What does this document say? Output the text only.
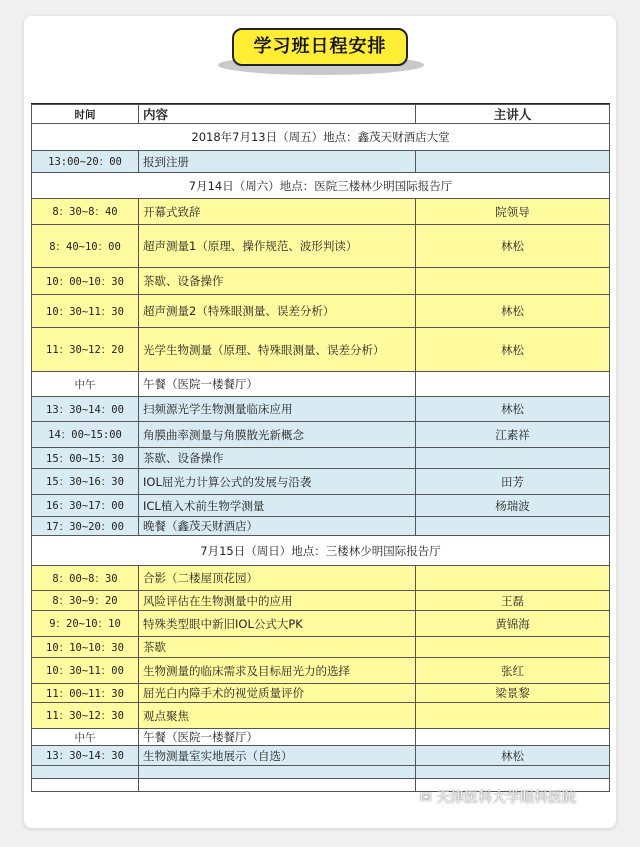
学习班日程安排
时间	内容	主讲人
2018年7月13日（周五）地点：鑫茂天财酒店大堂		
13:00~20：00	报到注册	
7月14日（周六）地点：医院三楼林少明国际报告厅		
8：30~8：40	开幕式致辞	院领导
8：40~10：00	超声测量1（原理、操作规范、波形判读）	林松
10：00~10：30	茶歇、设备操作	
10：30~11：30	超声测量2（特殊眼测量、误差分析）	林松
11：30~12：20	光学生物测量（原理、特殊眼测量、误差分析）	林松
中午	午餐（医院一楼餐厅）	
13：30~14：00	扫频源光学生物测量临床应用	林松
14：00~15:00	角膜曲率测量与角膜散光新概念	江素祥
15：00~15：30	茶歇、设备操作	
15：30~16：30	IOL屈光力计算公式的发展与沿袭	田芳
16：30~17：00	ICL植入术前生物学测量	杨瑞波
17：30~20：00	晚餐（鑫茂天财酒店）	
7月15日（周日）地点：三楼林少明国际报告厅		
8：00~8：30	合影（二楼屋顶花园）	
8：30~9：20	风险评估在生物测量中的应用	王磊
9：20~10：10	特殊类型眼中新旧IOL公式大PK	黄锦海
10：10~10：30	茶歇	
10：30~11：00	生物测量的临床需求及目标屈光力的选择	张红
11：00~11：30	屈光白内障手术的视觉质量评价	梁景黎
11：30~12：30	观点聚焦	
中午	午餐（医院一楼餐厅）	
13：30~14：30	生物测量室实地展示（自选）	林松

✉ 天津医科大学眼科医院
